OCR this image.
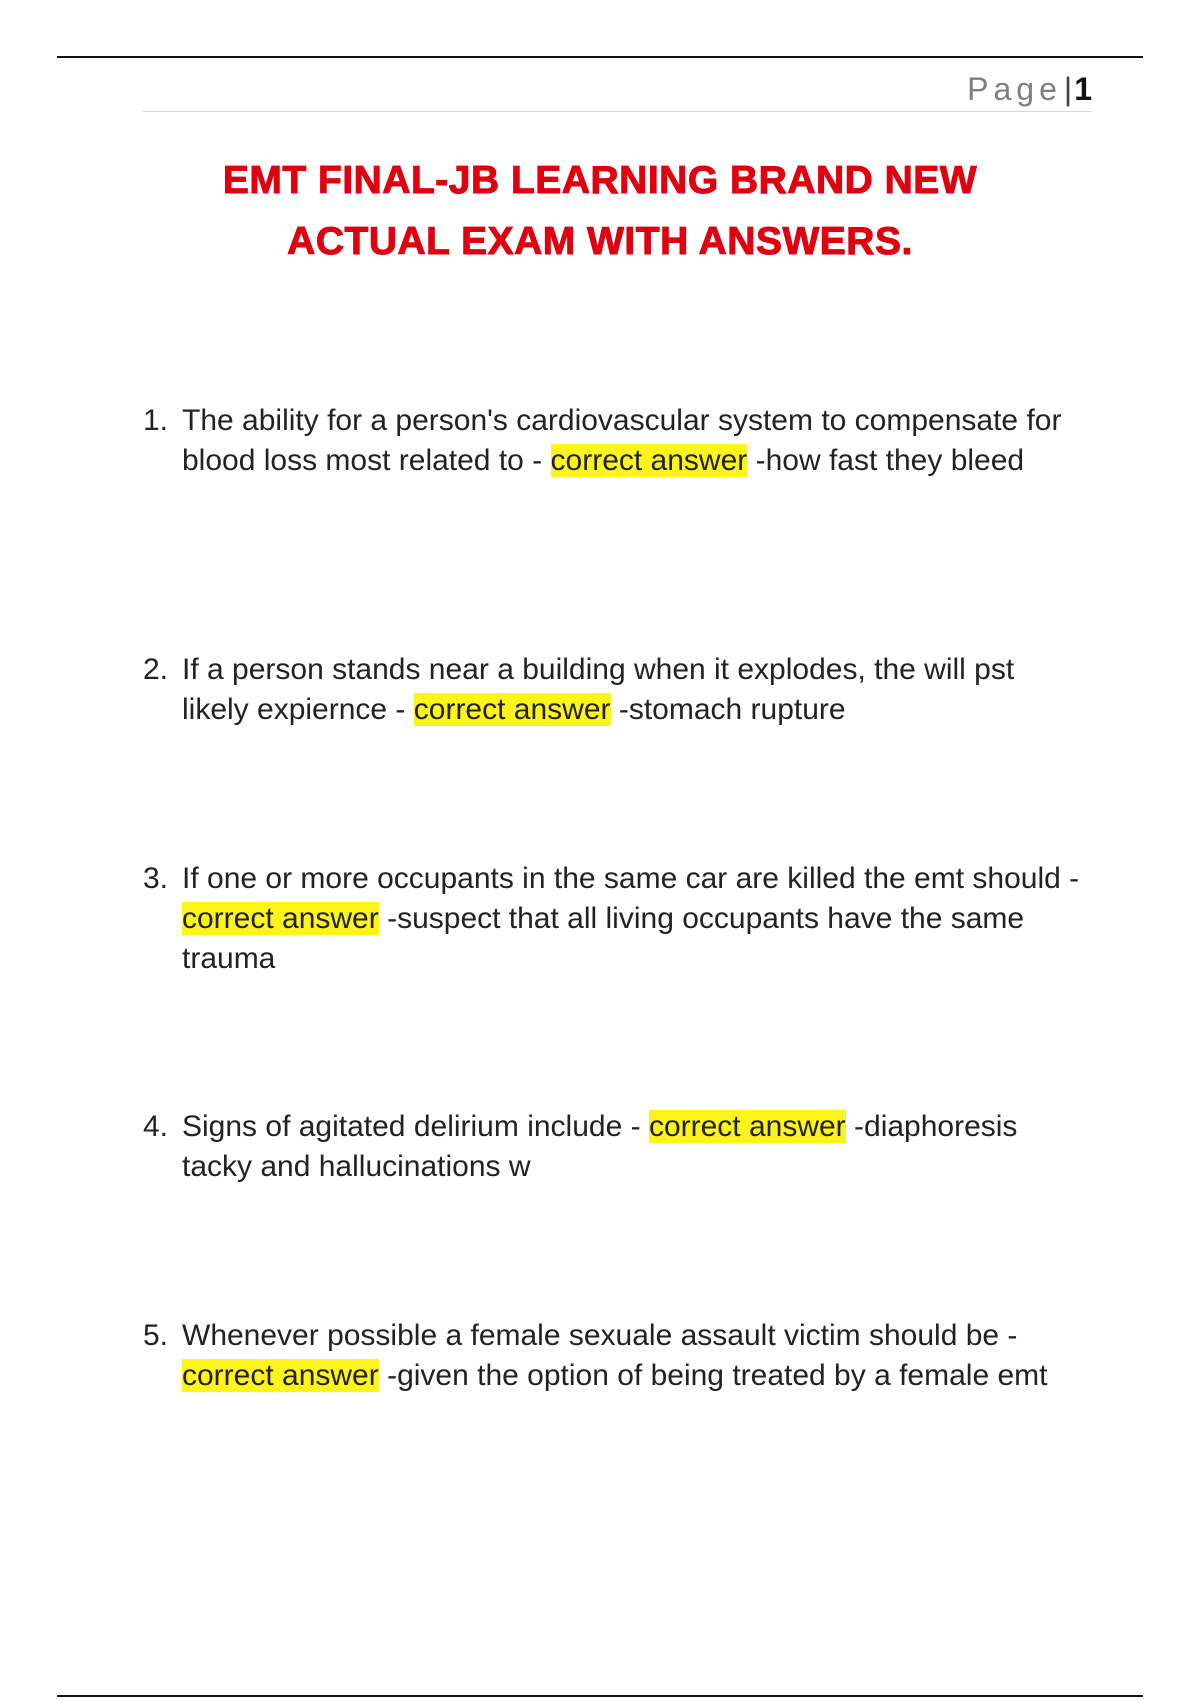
Page|1
EMT FINAL-JB LEARNING BRAND NEW
ACTUAL EXAM WITH ANSWERS.
1. The ability for a person's cardiovascular system to compensate for blood loss most related to - correct answer -how fast they bleed
2. If a person stands near a building when it explodes, the will pst likely expiernce - correct answer -stomach rupture
3. If one or more occupants in the same car are killed the emt should - correct answer -suspect that all living occupants have the same trauma
4. Signs of agitated delirium include - correct answer -diaphoresis tacky and hallucinations w
5. Whenever possible a female sexuale assault victim should be - correct answer -given the option of being treated by a female emt
